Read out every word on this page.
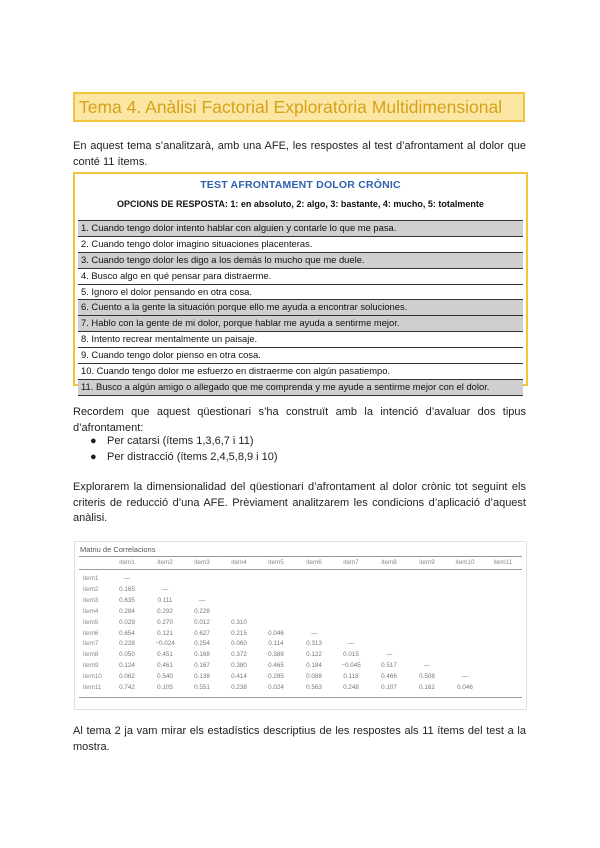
Tema 4. Anàlisi Factorial Exploratòria Multidimensional
En aquest tema s’analitzarà, amb una AFE, les respostes al test d’afrontament al dolor que conté 11 ítems.
TEST AFRONTAMENT DOLOR CRÒNIC
OPCIONS DE RESPOSTA: 1: en absoluto, 2: algo, 3: bastante, 4: mucho, 5: totalmente
1. Cuando tengo dolor intento hablar con alguien y contarle lo que me pasa.
2. Cuando tengo dolor imagino situaciones placenteras.
3. Cuando tengo dolor les digo a los demás lo mucho que me duele.
4. Busco algo en qué pensar para distraerme.
5. Ignoro el dolor pensando en otra cosa.
6. Cuento a la gente la situación porque ello me ayuda a encontrar soluciones.
7. Hablo con la gente de mi dolor, porque hablar me ayuda a sentirme mejor.
8. Intento recrear mentalmente un paisaje.
9. Cuando tengo dolor pienso en otra cosa.
10. Cuando tengo dolor me esfuerzo en distraerme con algún pasatiempo.
11. Busco a algún amigo o allegado que me comprenda y me ayude a sentirme mejor con el dolor.
Recordem que aquest qüestionari s’ha construït amb la intenció d’avaluar dos tipus d’afrontament:
● Per catarsi (ítems 1,3,6,7 i 11)
● Per distracció (ítems 2,4,5,8,9 i 10)
Explorarem la dimensionalidad del qüestionari d’afrontament al dolor crònic tot seguint els criteris de reducció d’una AFE. Prèviament analitzarem les condicions d’aplicació d’aquest anàlisi.
Matriu de Correlacions
item1	item2	item3	item4	item5	item6	item7	item8	item9	item10	item11
item1	—
item2	0.165	—
item3	0.635	0.111	—
item4	0.284	0.292	0.228
item5	0.029	0.270	0.012	0.310
item6	0.654	0.121	0.627	0.215	0.046	—
item7	0.228	−0.024	0.254	0.060	0.114	0.313	—
item8	0.050	0.451	0.168	0.372	0.388	0.122	0.015	—
item9	0.124	0.461	0.167	0.380	0.465	0.184	−0.045	0.517	—
item10	0.062	0.540	0.138	0.414	0.285	0.088	0.118	0.466	0.508	—
item11	0.742	0.105	0.551	0.238	0.024	0.563	0.248	0.107	0.162	0.046
Al tema 2 ja vam mirar els estadístics descriptius de les respostes als 11 ítems del test a la mostra.
